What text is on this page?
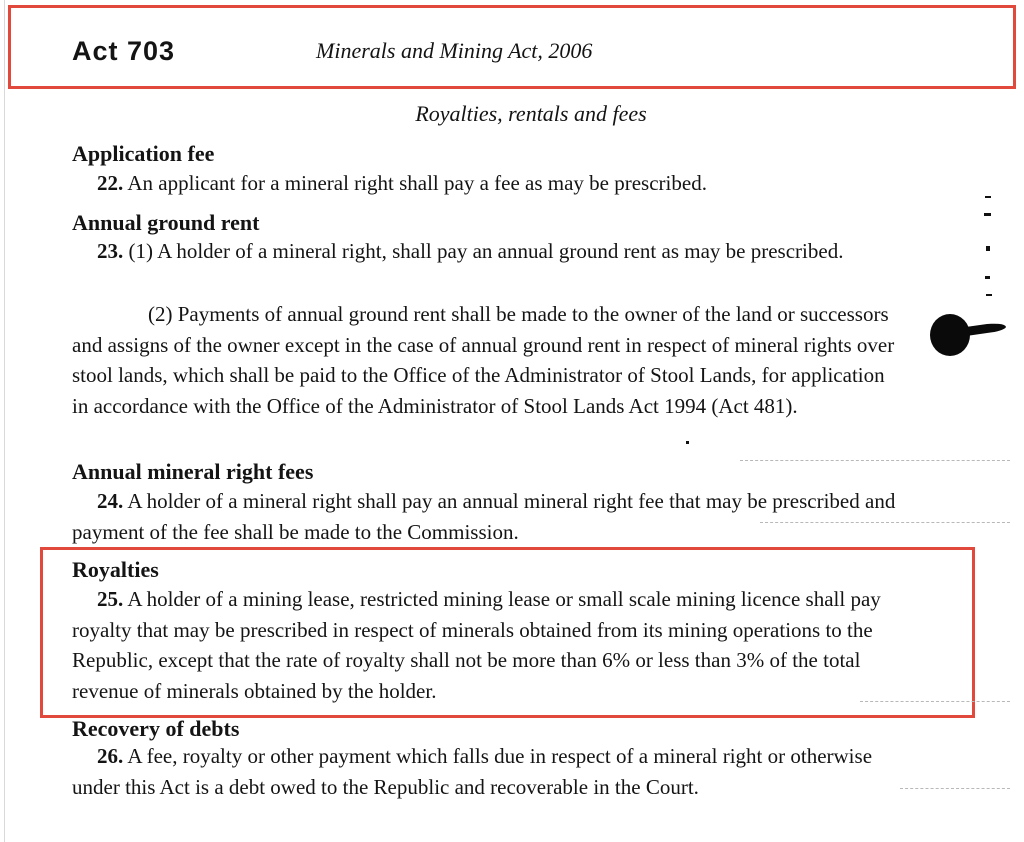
Act 703	Minerals and Mining Act, 2006
Royalties, rentals and fees
Application fee
22. An applicant for a mineral right shall pay a fee as may be prescribed.
Annual ground rent
23. (1) A holder of a mineral right, shall pay an annual ground rent as may be prescribed.
(2) Payments of annual ground rent shall be made to the owner of the land or successors and assigns of the owner except in the case of annual ground rent in respect of mineral rights over stool lands, which shall be paid to the Office of the Administrator of Stool Lands, for application in accordance with the Office of the Administrator of Stool Lands Act 1994 (Act 481).
Annual mineral right fees
24. A holder of a mineral right shall pay an annual mineral right fee that may be prescribed and payment of the fee shall be made to the Commission.
Royalties
25. A holder of a mining lease, restricted mining lease or small scale mining licence shall pay royalty that may be prescribed in respect of minerals obtained from its mining operations to the Republic, except that the rate of royalty shall not be more than 6% or less than 3% of the total revenue of minerals obtained by the holder.
Recovery of debts
26. A fee, royalty or other payment which falls due in respect of a mineral right or otherwise under this Act is a debt owed to the Republic and recoverable in the Court.
